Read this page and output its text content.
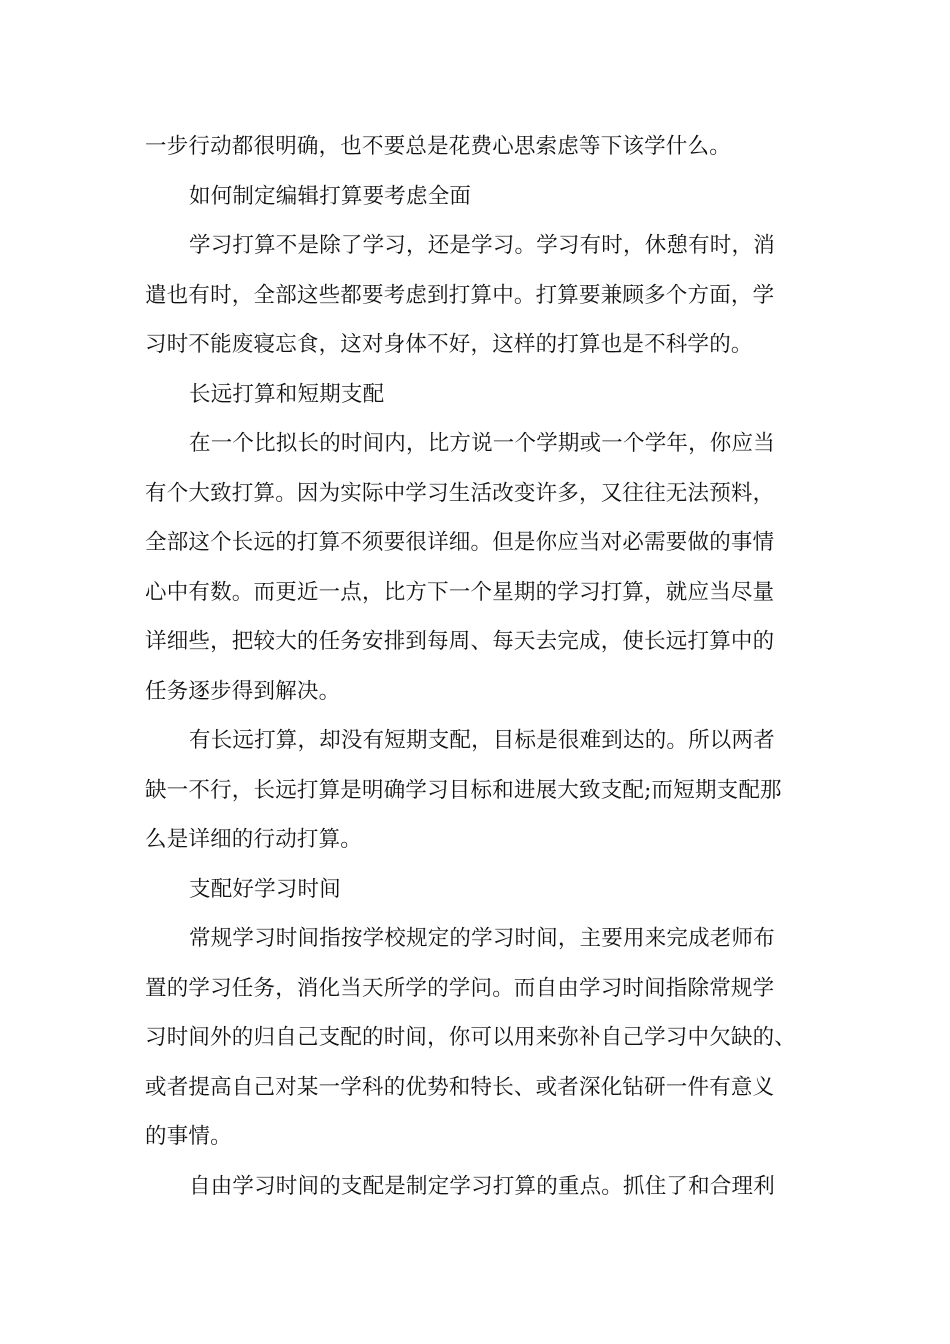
一步行动都很明确，也不要总是花费心思索虑等下该学什么。

如何制定编辑打算要考虑全面

学习打算不是除了学习，还是学习。学习有时，休憩有时，消

遣也有时，全部这些都要考虑到打算中。打算要兼顾多个方面，学

习时不能废寝忘食，这对身体不好，这样的打算也是不科学的。

长远打算和短期支配

在一个比拟长的时间内，比方说一个学期或一个学年，你应当

有个大致打算。因为实际中学习生活改变许多，又往往无法预料，

全部这个长远的打算不须要很详细。但是你应当对必需要做的事情

心中有数。而更近一点，比方下一个星期的学习打算，就应当尽量

详细些，把较大的任务安排到每周、每天去完成，使长远打算中的

任务逐步得到解决。

有长远打算，却没有短期支配，目标是很难到达的。所以两者

缺一不行，长远打算是明确学习目标和进展大致支配;而短期支配那

么是详细的行动打算。

支配好学习时间

常规学习时间指按学校规定的学习时间，主要用来完成老师布

置的学习任务，消化当天所学的学问。而自由学习时间指除常规学

习时间外的归自己支配的时间，你可以用来弥补自己学习中欠缺的、

或者提高自己对某一学科的优势和特长、或者深化钻研一件有意义

的事情。

自由学习时间的支配是制定学习打算的重点。抓住了和合理利
